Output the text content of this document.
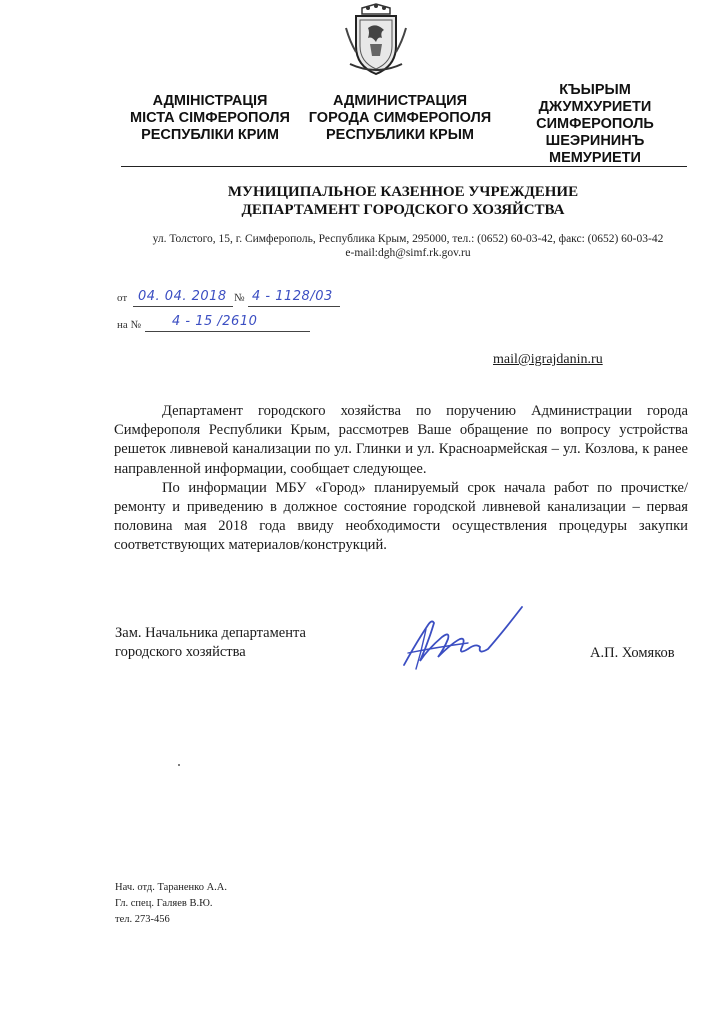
АДМІНІСТРАЦІЯ
МІСТА СІМФЕРОПОЛЯ
РЕСПУБЛІКИ КРИМ
АДМИНИСТРАЦИЯ
ГОРОДА СИМФЕРОПОЛЯ
РЕСПУБЛИКИ КРЫМ
КЪЫРЫМ
ДЖУМХУРИЕТИ
СИМФЕРОПОЛЬ
ШЕЭРИНИНЪ
МЕМУРИЕТИ
МУНИЦИПАЛЬНОЕ КАЗЕННОЕ УЧРЕЖДЕНИЕ
ДЕПАРТАМЕНТ ГОРОДСКОГО ХОЗЯЙСТВА
ул. Толстого, 15, г. Симферополь, Республика Крым, 295000, тел.: (0652) 60-03-42, факс: (0652) 60-03-42
e-mail:dgh@simf.rk.gov.ru
от 04. 04. 2018 № 4 - 1128/03
на № 4 - 15 /2610
mail@igrajdanin.ru

Департамент городского хозяйства по поручению Администрации города Симферополя Республики Крым, рассмотрев Ваше обращение по вопросу устройства решеток ливневой канализации по ул. Глинки и ул. Красноармейская – ул. Козлова, к ранее направленной информации, сообщает следующее.

По информации МБУ «Город» планируемый срок начала работ по прочистке/ремонту и приведению в должное состояние городской ливневой канализации – первая половина мая 2018 года ввиду необходимости осуществления процедуры закупки соответствующих материалов/конструкций.

Зам. Начальника департамента
городского хозяйства	А.П. Хомяков
Нач. отд. Тараненко А.А.
Гл. спец. Галяев В.Ю.
тел. 273-456
